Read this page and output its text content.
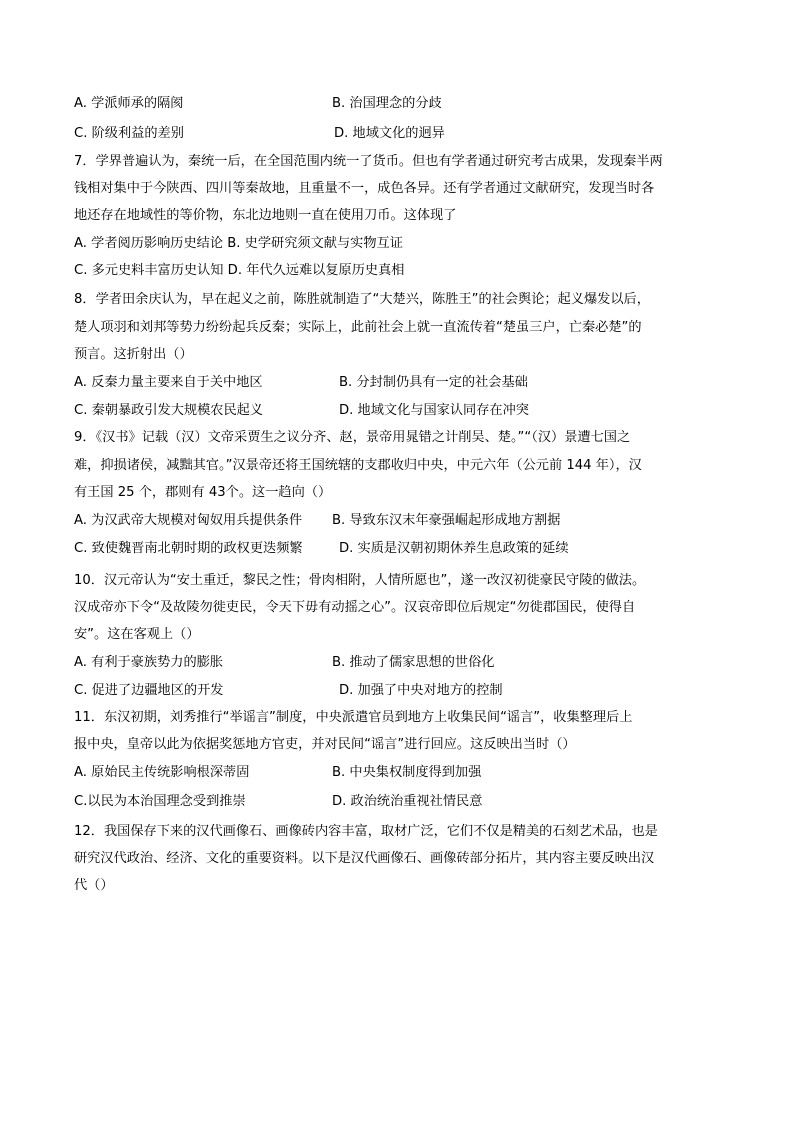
A. 学派师承的隔阂	B. 治国理念的分歧
C. 阶级利益的差别	D. 地域文化的迥异
7．学界普遍认为，秦统一后，在全国范围内统一了货币。但也有学者通过研究考古成果，发现秦半两
钱相对集中于今陕西、四川等秦故地，且重量不一，成色各异。还有学者通过文献研究，发现当时各
地还存在地域性的等价物，东北边地则一直在使用刀币。这体现了
A. 学者阅历影响历史结论 B. 史学研究须文献与实物互证
C. 多元史料丰富历史认知 D. 年代久远难以复原历史真相
8．学者田余庆认为，早在起义之前，陈胜就制造了“大楚兴，陈胜王”的社会舆论；起义爆发以后，
楚人项羽和刘邦等势力纷纷起兵反秦；实际上，此前社会上就一直流传着“楚虽三户，亡秦必楚”的
预言。这折射出（）
A. 反秦力量主要来自于关中地区	B. 分封制仍具有一定的社会基础
C. 秦朝暴政引发大规模农民起义	D. 地域文化与国家认同存在冲突
9．《汉书》记载（汉）文帝采贾生之议分齐、赵，景帝用晁错之计削吴、楚。”“（汉）景遭七国之
难，抑损诸侯，减黜其官。”汉景帝还将王国统辖的支郡收归中央，中元六年（公元前 144 年），汉
有王国 25 个，郡则有 43个。这一趋向（）
A. 为汉武帝大规模对匈奴用兵提供条件 B. 导致东汉末年豪强崛起形成地方割据
C. 致使魏晋南北朝时期的政权更迭频繁	D. 实质是汉朝初期休养生息政策的延续
10．汉元帝认为“安土重迁，黎民之性；骨肉相附，人情所愿也”，遂一改汉初徙豪民守陵的做法。
汉成帝亦下令“及故陵勿徙吏民，令天下毋有动摇之心”。汉哀帝即位后规定“勿徙郡国民，使得自
安”。这在客观上（）
A. 有利于豪族势力的膨胀	B. 推动了儒家思想的世俗化
C. 促进了边疆地区的开发	D. 加强了中央对地方的控制
11．东汉初期，刘秀推行“举谣言”制度，中央派遣官员到地方上收集民间“谣言”，收集整理后上
报中央，皇帝以此为依据奖惩地方官吏，并对民间“谣言”进行回应。这反映出当时（）
A. 原始民主传统影响根深蒂固	B. 中央集权制度得到加强
C.以民为本治国理念受到推崇	D. 政治统治重视社情民意
12．我国保存下来的汉代画像石、画像砖内容丰富，取材广泛，它们不仅是精美的石刻艺术品，也是
研究汉代政治、经济、文化的重要资料。以下是汉代画像石、画像砖部分拓片，其内容主要反映出汉
代（）
